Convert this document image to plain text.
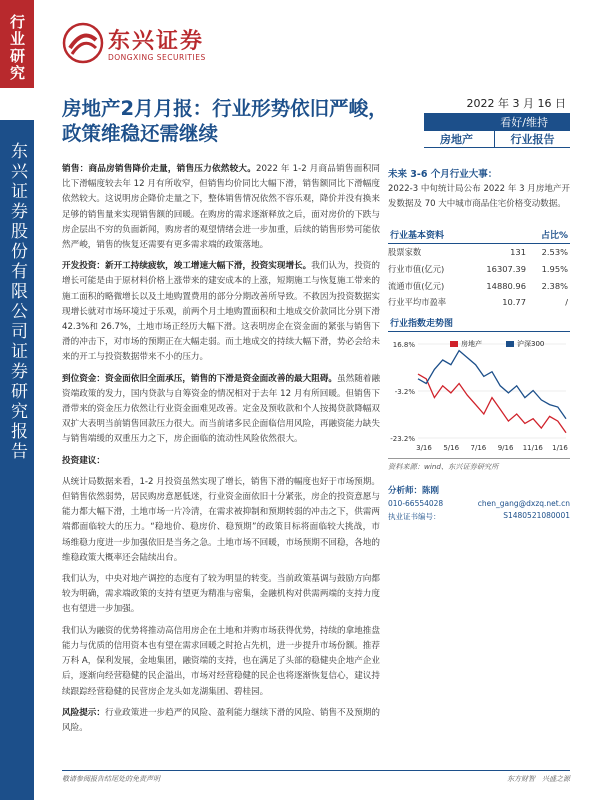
行业研究
东兴证券股份有限公司证券研究报告
东兴证券
DONGXING SECURITIES
房地产2月月报：行业形势依旧严峻，政策维稳还需继续
2022 年 3 月 16 日
看好/维持
房地产	行业报告

销售：商品房销售降价走量，销售压力依然较大。2022 年 1-2 月商品销售面积同比下滑幅度较去年 12 月有所收窄，但销售均价同比大幅下滑，销售额同比下滑幅度依然较大。这说明房企降价走量之下，整体销售情况依然不容乐观，降价并没有换来足够的销售量来实现销售额的回暖。在购房的需求逐渐释放之后，面对房价的下跌与房企层出不穷的负面新闻，购房者的观望情绪会进一步加重，后续的销售形势可能依然严峻，销售的恢复还需要有更多需求端的政策落地。

开发投资：新开工持续疲软，竣工增速大幅下滑，投资实现增长。我们认为，投资的增长可能是由于原材料价格上涨带来的建安成本的上涨，短期施工与恢复施工带来的施工面积的略微增长以及土地购置费用的部分分期改善所导致。不救因为投资数据实现增长就对市场环境过于乐观，前两个月土地购置面积和土地成交价款同比分别下滑 42.3%和 26.7%，土地市场正经历大幅下滑。这表明房企在资金面的紧张与销售下滑的冲击下，对市场的预期正在大幅走弱。而土地成交的持续大幅下滑，势必会给未来的开工与投资数据带来不小的压力。

到位资金：资金面依旧全面承压，销售的下滑是资金面改善的最大阻碍。虽然随着融资端政策的发力，国内贷款与自筹资金的情况相对于去年 12 月有所回暖。但销售下滑带来的资金压力依然让行业资金面难见改善。定金及预收款和个人按揭贷款降幅双双扩大表明当前销售回款压力很大。而当前诸多民企面临信用风险，再融资能力缺失与销售端缓的双重压力之下，房企面临的流动性风险依然很大。

投资建议：

从统计局数据来看，1-2 月投资虽然实现了增长，销售下滑的幅度也好于市场预期。但销售依然弱势，居民购房意愿低迷，行业资金面依旧十分紧张，房企的投资意愿与能力都大幅下滑，土地市场一片冷清，在需求被抑制和预期转弱的冲击之下，供需两端都面临较大的压力。“稳地价、稳房价、稳预期”的政策目标将面临较大挑战，市场维稳力度进一步加强依旧是当务之急。土地市场不回暖，市场预期不回稳，各地的维稳政策大概率还会陆续出台。

我们认为，中央对地产调控的态度有了较为明显的转变。当前政策基调与鼓励方向都较为明确，需求端政策的支持有望更为精准与密集，金融机构对供需两端的支持力度也有望进一步加强。

我们认为融资的优势将推动高信用房企在土地和并购市场获得优势，持续的拿地推盘能力与优质的信用资本也有望在需求回暖之时抢占先机，进一步提升市场份额。推荐万科 A，保利发展，金地集团，融资端的支持，也在满足了头部的稳健央企地产企业后，逐渐向经营稳健的民企溢出，市场对经营稳健的民企也将逐渐恢复信心，建议持续跟踪经营稳健的民营房企龙头如龙湖集团、碧桂园。

风险提示：行业政策进一步趋严的风险、盈利能力继续下滑的风险、销售不及预期的风险。

未来 3-6 个月行业大事：
2022-3 中旬统计局公布 2022 年 3 月房地产开发数据及 70 大中城市商品住宅价格变动数据。
行业基本资料	占比%
股票家数	131	2.53%
行业市值(亿元)	16307.39	1.95%
流通市值(亿元)	14880.96	2.38%
行业平均市盈率	10.77	/
行业指数走势图
16.8%
-3.2%
-23.2%
3/16 5/16 7/16 9/16 11/16 1/16
房地产	沪深300
资料来源：wind、东兴证券研究所
分析师：陈刚
010-66554028	chen_gang@dxzq.net.cn
执业证书编号：	S1480521080001
敬请参阅报告结尾处的免责声明	东方财智　兴盛之源
